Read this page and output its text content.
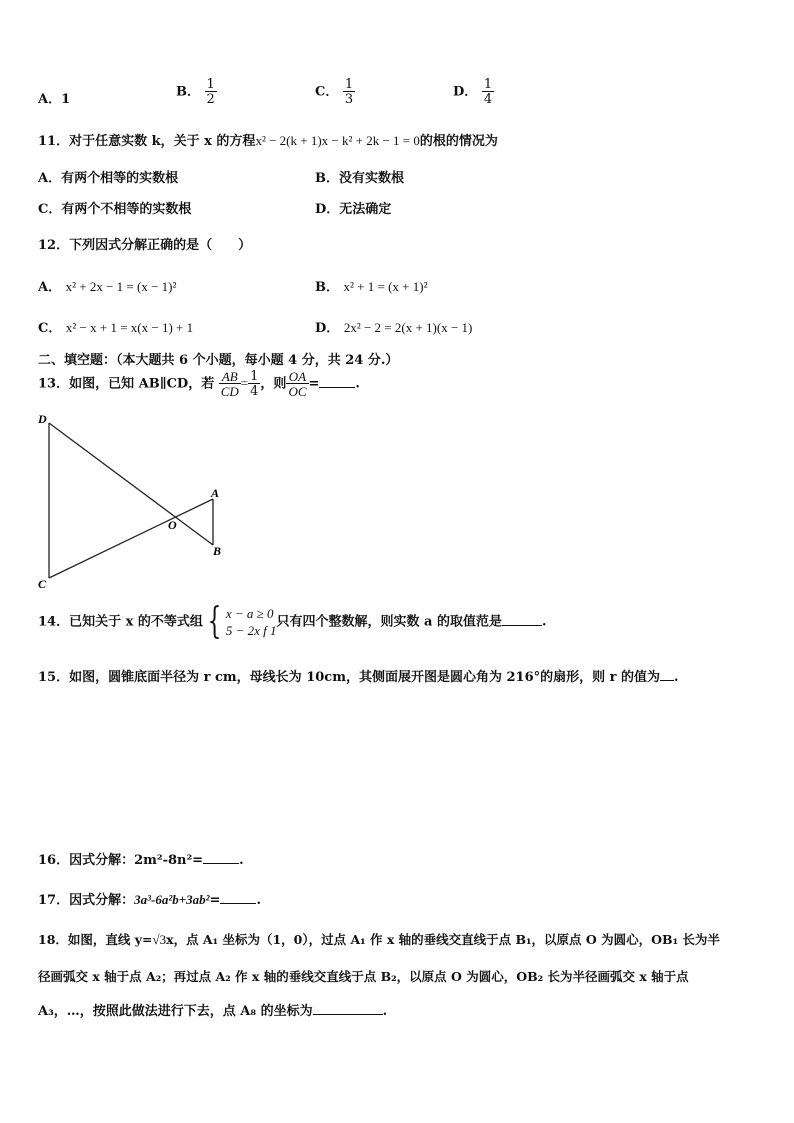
A．1	B． $\frac{1}{2}$	C． $\frac{1}{3}$	D． $\frac{1}{4}$
11．对于任意实数 k，关于 x 的方程x² − 2(k + 1)x − k² + 2k − 1 = 0的根的情况为
A．有两个相等的实数根	B．没有实数根
C．有两个不相等的实数根	D．无法确定
12．下列因式分解正确的是（　　）
A． x² + 2x − 1 = (x − 1)²	B． x² + 1 = (x + 1)²
C． x² − x + 1 = x(x − 1) + 1	D． 2x² − 2 = 2(x + 1)(x − 1)
二、填空题：（本大题共 6 个小题，每小题 4 分，共 24 分.）
13．如图，已知 AB∥CD，若 $\frac{AB}{CD} = \frac{1}{4}$ ，则 $\frac{OA}{OC}$ =	.
D
A
O
B
C
14．已知关于 x 的不等式组 { x − a ≥ 0
5 − 2x f 1
只有四个整数解，则实数 a 的取值范是	.
15．如图，圆锥底面半径为 r cm，母线长为 10cm，其侧面展开图是圆心角为 216°的扇形，则 r 的值为 .
16．因式分解：2m²-8n²=	.
17．因式分解：3a³-6a²b+3ab²=	.
18．如图，直线 y=√3x，点 A₁ 坐标为（1，0），过点 A₁ 作 x 轴的垂线交直线于点 B₁，以原点 O 为圆心，OB₁ 长为半
径画弧交 x 轴于点 A₂；再过点 A₂ 作 x 轴的垂线交直线于点 B₂，以原点 O 为圆心，OB₂ 长为半径画弧交 x 轴于点
A₃，…，按照此做法进行下去，点 A₈ 的坐标为	.
